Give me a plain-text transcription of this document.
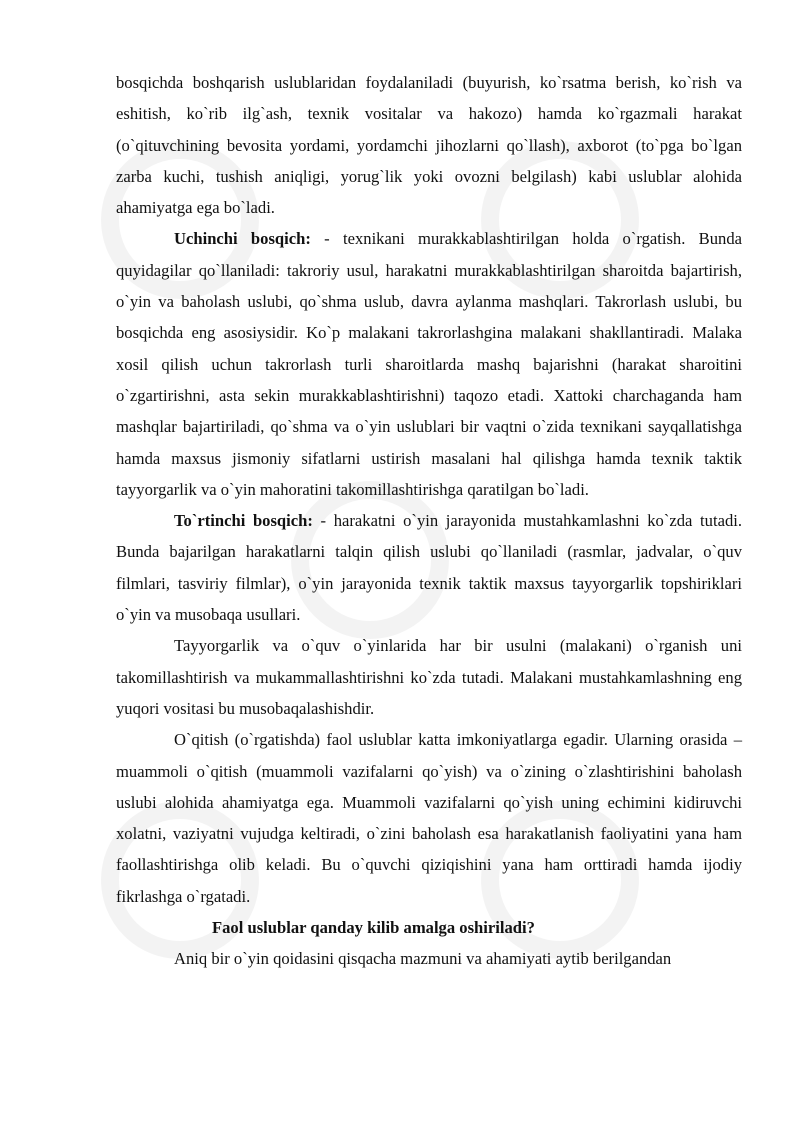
bosqichda boshqarish uslublaridan foydalaniladi (buyurish, ko`rsatma berish, ko`rish va eshitish, ko`rib ilg`ash, texnik vositalar va hakozo) hamda ko`rgazmali harakat (o`qituvchining bevosita yordami, yordamchi jihozlarni qo`llash), axborot (to`pga bo`lgan zarba kuchi, tushish aniqligi, yorug`lik yoki ovozni belgilash) kabi uslublar alohida ahamiyatga ega bo`ladi.

Uchinchi bosqich: - texnikani murakkablashtirilgan holda o`rgatish. Bunda quyidagilar qo`llaniladi: takroriy usul, harakatni murakkablashtirilgan sharoitda bajartirish, o`yin va baholash uslubi, qo`shma uslub, davra aylanma mashqlari. Takrorlash uslubi, bu bosqichda eng asosiysidir. Ko`p malakani takrorlashgina malakani shakllantiradi. Malaka xosil qilish uchun takrorlash turli sharoitlarda mashq bajarishni (harakat sharoitini o`zgartirishni, asta sekin murakkablashtirishni) taqozo etadi. Xattoki charchaganda ham mashqlar bajartiriladi, qo`shma va o`yin uslublari bir vaqtni o`zida texnikani sayqallatishga hamda maxsus jismoniy sifatlarni ustirish masalani hal qilishga hamda texnik taktik tayyorgarlik va o`yin mahoratini takomillashtirishga qaratilgan bo`ladi.

To`rtinchi bosqich: - harakatni o`yin jarayonida mustahkamlashni ko`zda tutadi. Bunda bajarilgan harakatlarni talqin qilish uslubi qo`llaniladi (rasmlar, jadvalar, o`quv filmlari, tasviriy filmlar), o`yin jarayonida texnik taktik maxsus tayyorgarlik topshiriklari o`yin va musobaqa usullari.

Tayyorgarlik va o`quv o`yinlarida har bir usulni (malakani) o`rganish uni takomillashtirish va mukammallashtirishni ko`zda tutadi. Malakani mustahkamlashning eng yuqori vositasi bu musobaqalashishdir.

O`qitish (o`rgatishda) faol uslublar katta imkoniyatlarga egadir. Ularning orasida – muammoli o`qitish (muammoli vazifalarni qo`yish) va o`zining o`zlashtirishini baholash uslubi alohida ahamiyatga ega. Muammoli vazifalarni qo`yish uning echimini kidiruvchi xolatni, vaziyatni vujudga keltiradi, o`zini baholash esa harakatlanish faoliyatini yana ham faollashtirishga olib keladi. Bu o`quvchi qiziqishini yana ham orttiradi hamda ijodiy fikrlashga o`rgatadi.

Faol uslublar qanday kilib amalga oshiriladi?

Aniq bir o`yin qoidasini qisqacha mazmuni va ahamiyati aytib berilgandan
